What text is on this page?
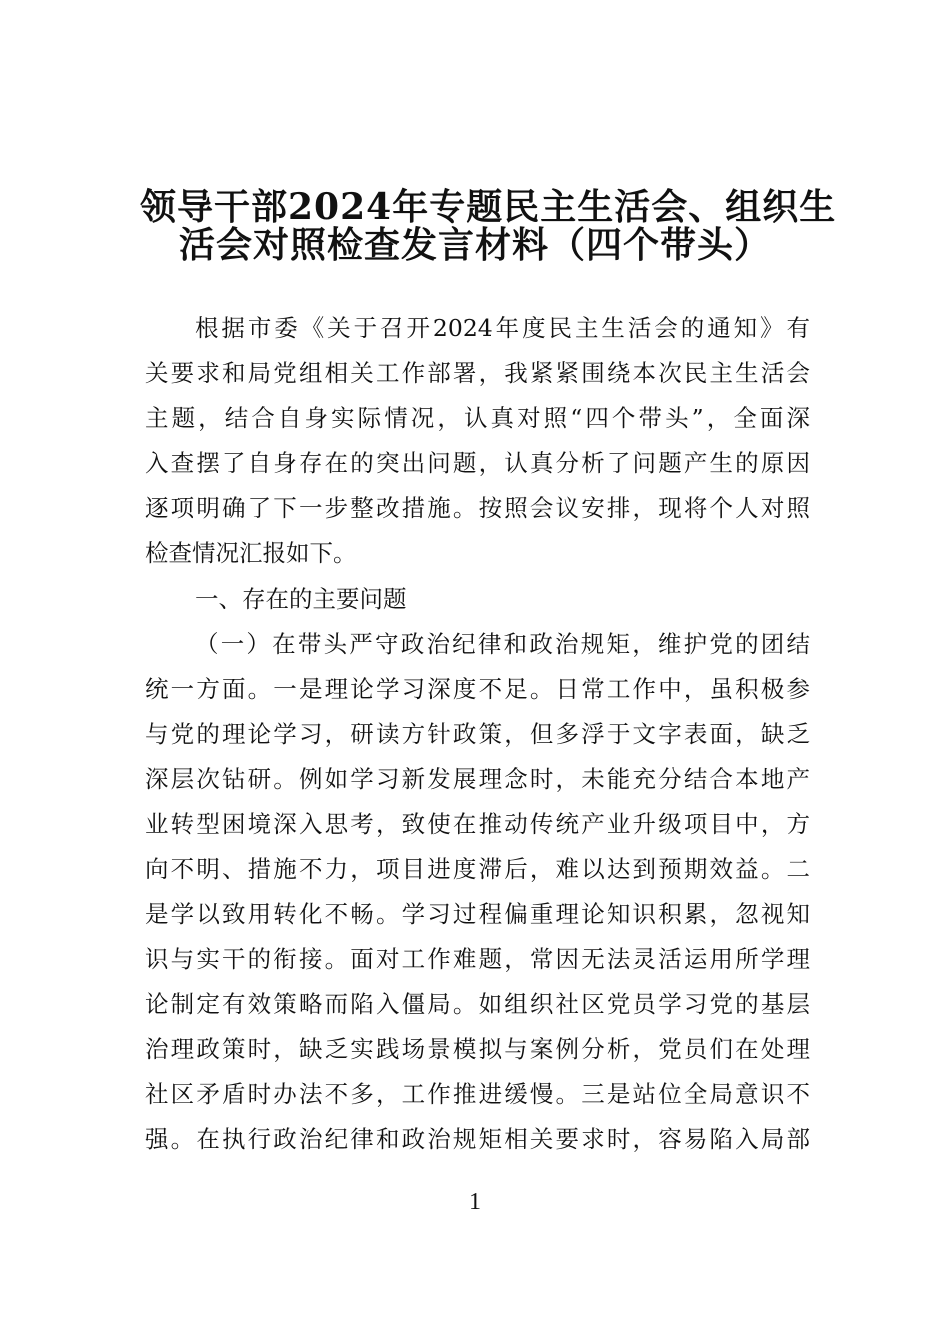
领导干部2024年专题民主生活会、组织生
活会对照检查发言材料（四个带头）
根据市委《关于召开2024年度民主生活会的通知》有
关要求和局党组相关工作部署，我紧紧围绕本次民主生活会
主题，结合自身实际情况，认真对照“四个带头”，全面深
入查摆了自身存在的突出问题，认真分析了问题产生的原因
逐项明确了下一步整改措施。按照会议安排，现将个人对照
检查情况汇报如下。
一、存在的主要问题
（一）在带头严守政治纪律和政治规矩，维护党的团结
统一方面。一是理论学习深度不足。日常工作中，虽积极参
与党的理论学习，研读方针政策，但多浮于文字表面，缺乏
深层次钻研。例如学习新发展理念时，未能充分结合本地产
业转型困境深入思考，致使在推动传统产业升级项目中，方
向不明、措施不力，项目进度滞后，难以达到预期效益。二
是学以致用转化不畅。学习过程偏重理论知识积累，忽视知
识与实干的衔接。面对工作难题，常因无法灵活运用所学理
论制定有效策略而陷入僵局。如组织社区党员学习党的基层
治理政策时，缺乏实践场景模拟与案例分析，党员们在处理
社区矛盾时办法不多，工作推进缓慢。三是站位全局意识不
强。在执行政治纪律和政治规矩相关要求时，容易陷入局部
1
